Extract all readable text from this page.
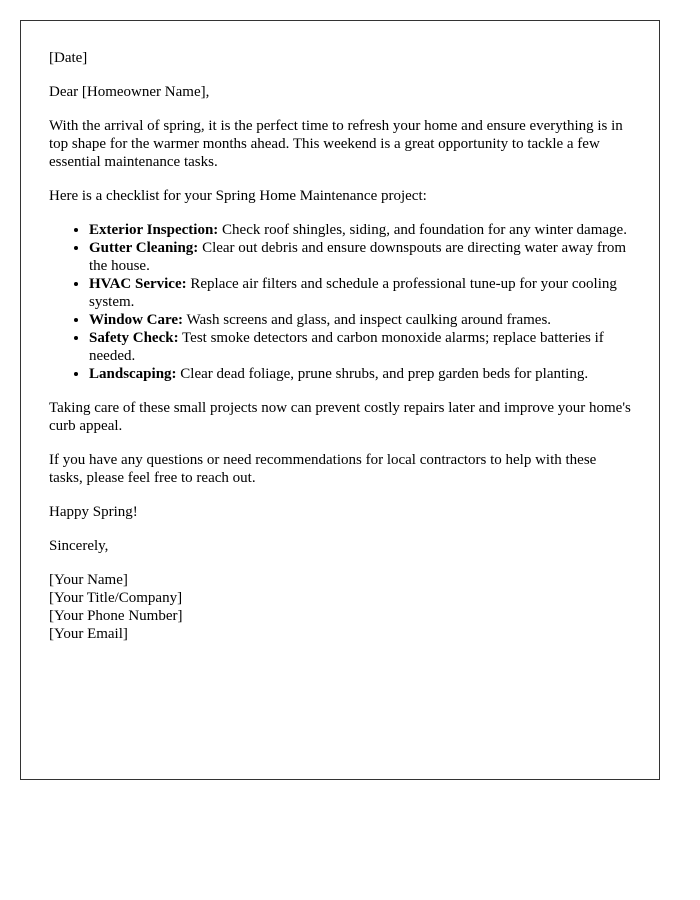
[Date]

Dear [Homeowner Name],

With the arrival of spring, it is the perfect time to refresh your home and ensure everything is in top shape for the warmer months ahead. This weekend is a great opportunity to tackle a few essential maintenance tasks.

Here is a checklist for your Spring Home Maintenance project:

• Exterior Inspection: Check roof shingles, siding, and foundation for any winter damage.
• Gutter Cleaning: Clear out debris and ensure downspouts are directing water away from the house.
• HVAC Service: Replace air filters and schedule a professional tune-up for your cooling system.
• Window Care: Wash screens and glass, and inspect caulking around frames.
• Safety Check: Test smoke detectors and carbon monoxide alarms; replace batteries if needed.
• Landscaping: Clear dead foliage, prune shrubs, and prep garden beds for planting.

Taking care of these small projects now can prevent costly repairs later and improve your home's curb appeal.

If you have any questions or need recommendations for local contractors to help with these tasks, please feel free to reach out.

Happy Spring!

Sincerely,

[Your Name]
[Your Title/Company]
[Your Phone Number]
[Your Email]
